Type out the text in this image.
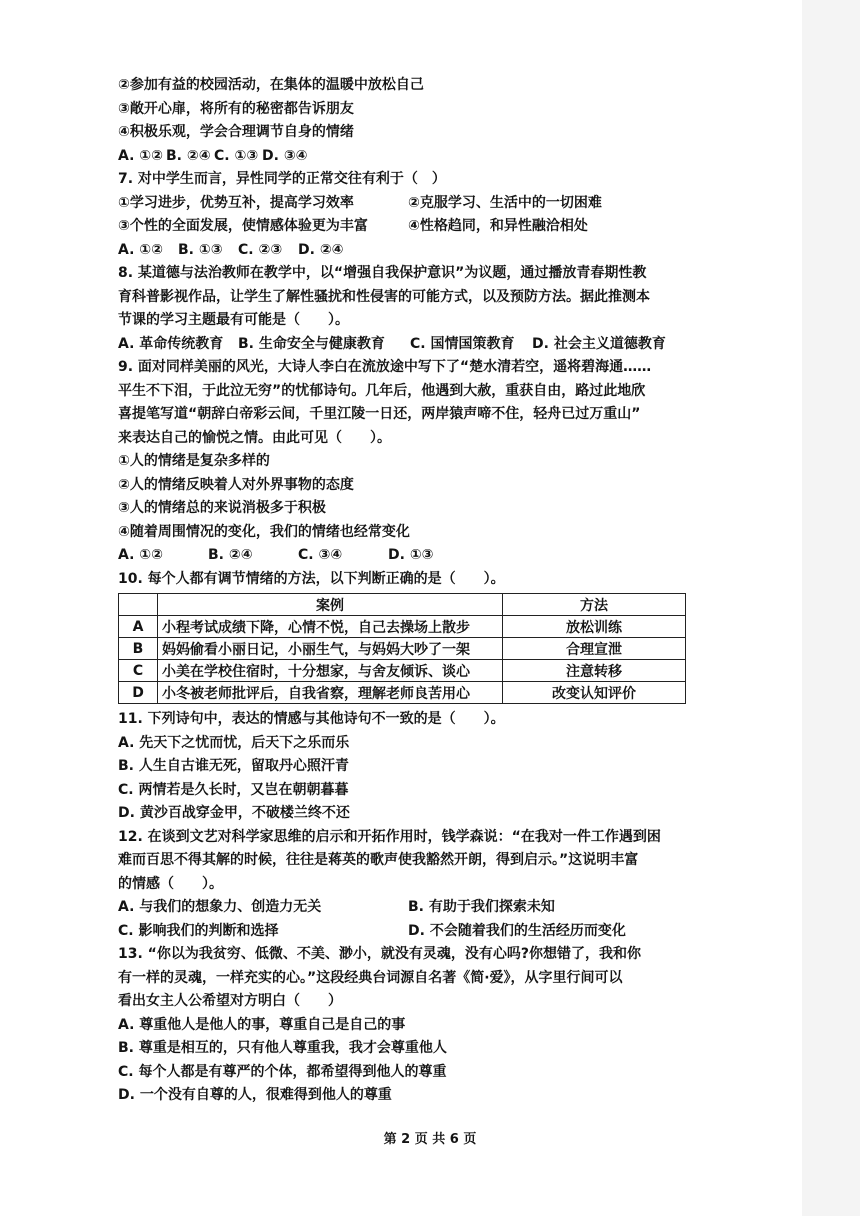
②参加有益的校园活动，在集体的温暖中放松自己
③敞开心扉，将所有的秘密都告诉朋友
④积极乐观，学会合理调节自身的情绪
A. ①② B. ②④ C. ①③ D. ③④
7. 对中学生而言，异性同学的正常交往有利于（　）
①学习进步，优势互补，提高学习效率	②克服学习、生活中的一切困难
③个性的全面发展，使情感体验更为丰富	④性格趋同，和异性融洽相处
A. ①②	B. ①③	C. ②③	D. ②④
8. 某道德与法治教师在教学中，以“增强自我保护意识”为议题，通过播放青春期性教
育科普影视作品，让学生了解性骚扰和性侵害的可能方式，以及预防方法。据此推测本
节课的学习主题最有可能是（　　）。
A. 革命传统教育	B. 生命安全与健康教育	C. 国情国策教育	D. 社会主义道德教育
9. 面对同样美丽的风光，大诗人李白在流放途中写下了“楚水清若空，遥将碧海通……
平生不下泪，于此泣无穷”的忧郁诗句。几年后，他遇到大赦，重获自由，路过此地欣
喜提笔写道“朝辞白帝彩云间，千里江陵一日还，两岸猿声啼不住，轻舟已过万重山”
来表达自己的愉悦之情。由此可见（　　）。
①人的情绪是复杂多样的
②人的情绪反映着人对外界事物的态度
③人的情绪总的来说消极多于积极
④随着周围情况的变化，我们的情绪也经常变化
A. ①②	B. ②④	C. ③④	D. ①③
10. 每个人都有调节情绪的方法，以下判断正确的是（　　）。
	案例	方法
A	小程考试成绩下降，心情不悦，自己去操场上散步	放松训练
B	妈妈偷看小丽日记，小丽生气，与妈妈大吵了一架	合理宣泄
C	小美在学校住宿时，十分想家，与舍友倾诉、谈心	注意转移
D	小冬被老师批评后，自我省察，理解老师良苦用心	改变认知评价
11. 下列诗句中，表达的情感与其他诗句不一致的是（　　）。
A. 先天下之忧而忧，后天下之乐而乐
B. 人生自古谁无死，留取丹心照汗青
C. 两情若是久长时，又岂在朝朝暮暮
D. 黄沙百战穿金甲，不破楼兰终不还
12. 在谈到文艺对科学家思维的启示和开拓作用时，钱学森说：“在我对一件工作遇到困
难而百思不得其解的时候，往往是蒋英的歌声使我豁然开朗，得到启示。”这说明丰富
的情感（　　）。
A. 与我们的想象力、创造力无关	B. 有助于我们探索未知
C. 影响我们的判断和选择	D. 不会随着我们的生活经历而变化
13. “你以为我贫穷、低微、不美、渺小，就没有灵魂，没有心吗?你想错了，我和你
有一样的灵魂，一样充实的心。”这段经典台词源自名著《简·爱》，从字里行间可以
看出女主人公希望对方明白（　　）
A. 尊重他人是他人的事，尊重自己是自己的事
B. 尊重是相互的，只有他人尊重我，我才会尊重他人
C. 每个人都是有尊严的个体，都希望得到他人的尊重
D. 一个没有自尊的人，很难得到他人的尊重
第 2 页 共 6 页
